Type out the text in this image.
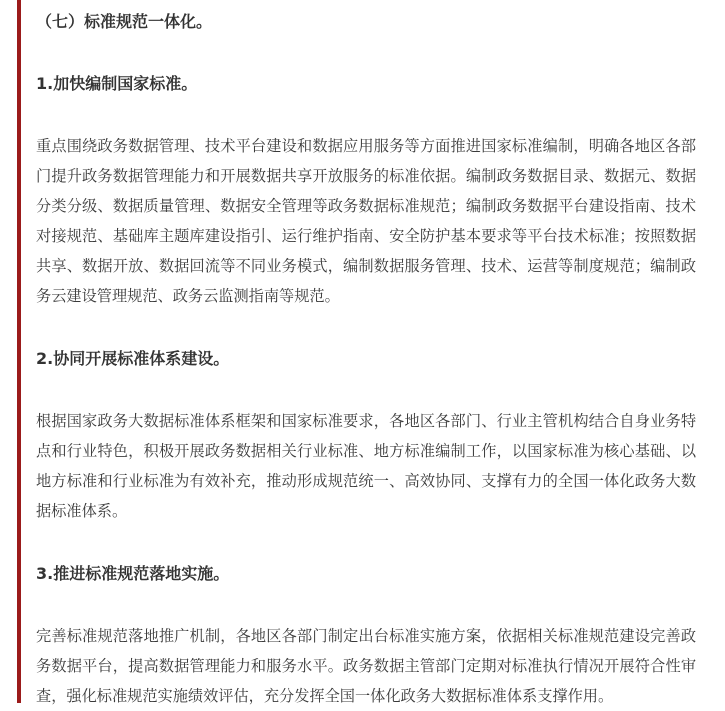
（七）标准规范一体化。
1.加快编制国家标准。

重点围绕政务数据管理、技术平台建设和数据应用服务等方面推进国家标准编制，明确各地区各部门提升政务数据管理能力和开展数据共享开放服务的标准依据。编制政务数据目录、数据元、数据分类分级、数据质量管理、数据安全管理等政务数据标准规范；编制政务数据平台建设指南、技术对接规范、基础库主题库建设指引、运行维护指南、安全防护基本要求等平台技术标准；按照数据共享、数据开放、数据回流等不同业务模式，编制数据服务管理、技术、运营等制度规范；编制政务云建设管理规范、政务云监测指南等规范。

2.协同开展标准体系建设。

根据国家政务大数据标准体系框架和国家标准要求，各地区各部门、行业主管机构结合自身业务特点和行业特色，积极开展政务数据相关行业标准、地方标准编制工作，以国家标准为核心基础、以地方标准和行业标准为有效补充，推动形成规范统一、高效协同、支撑有力的全国一体化政务大数据标准体系。

3.推进标准规范落地实施。

完善标准规范落地推广机制，各地区各部门制定出台标准实施方案，依据相关标准规范建设完善政务数据平台，提高数据管理能力和服务水平。政务数据主管部门定期对标准执行情况开展符合性审查，强化标准规范实施绩效评估，充分发挥全国一体化政务大数据标准体系支撑作用。
